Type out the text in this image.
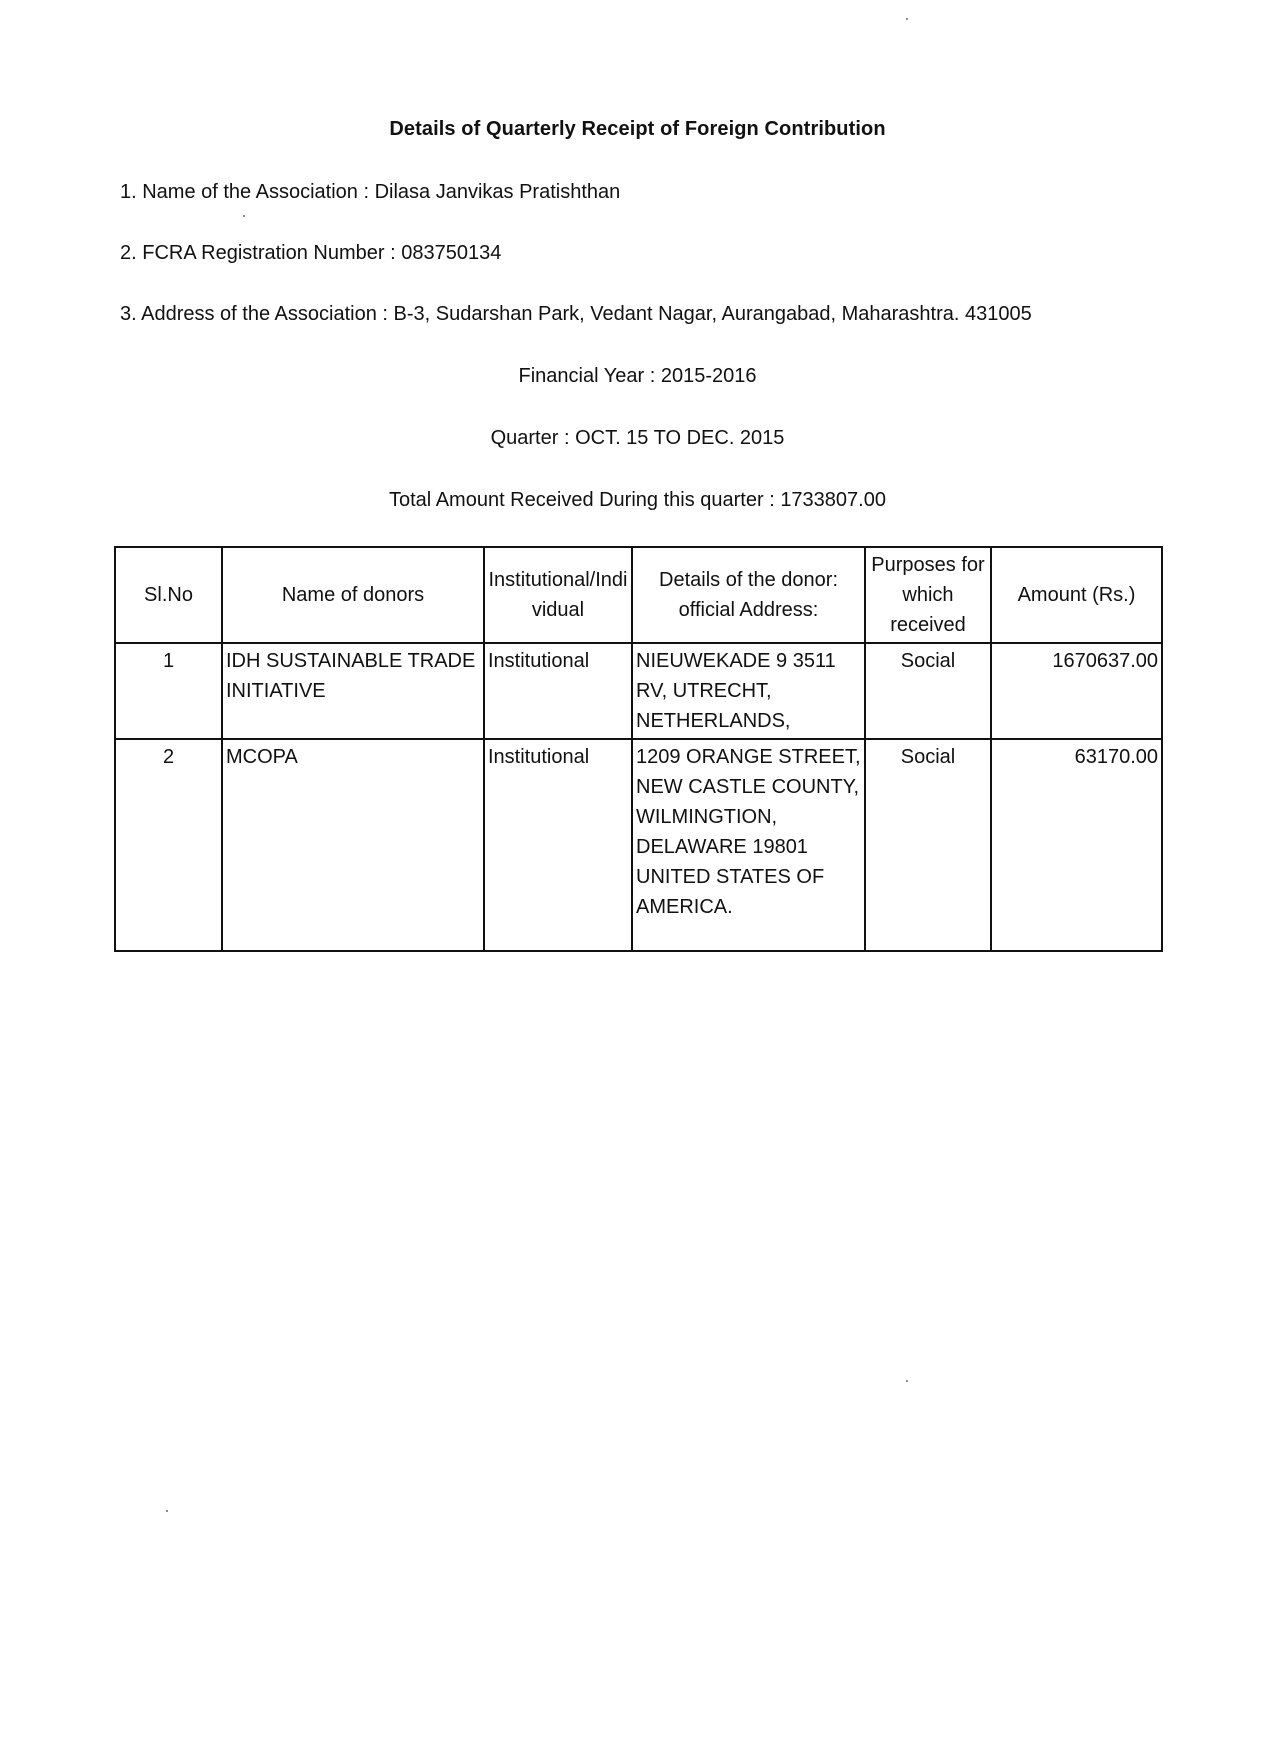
Details of Quarterly Receipt of Foreign Contribution
1. Name of the Association : Dilasa Janvikas Pratishthan
2. FCRA Registration Number : 083750134
3. Address of the Association : B-3, Sudarshan Park, Vedant Nagar, Aurangabad, Maharashtra. 431005
Financial Year : 2015-2016
Quarter : OCT. 15 TO DEC. 2015
Total Amount Received During this quarter : 1733807.00
Sl.No	Name of donors	Institutional/Individual	Details of the donor: official Address:	Purposes for which received	Amount (Rs.)
1	IDH SUSTAINABLE TRADE INITIATIVE	Institutional	NIEUWEKADE 9 3511 RV, UTRECHT, NETHERLANDS,	Social	1670637.00
2	MCOPA	Institutional	1209 ORANGE STREET, NEW CASTLE COUNTY, WILMINGTION, DELAWARE 19801 UNITED STATES OF AMERICA.	Social	63170.00
